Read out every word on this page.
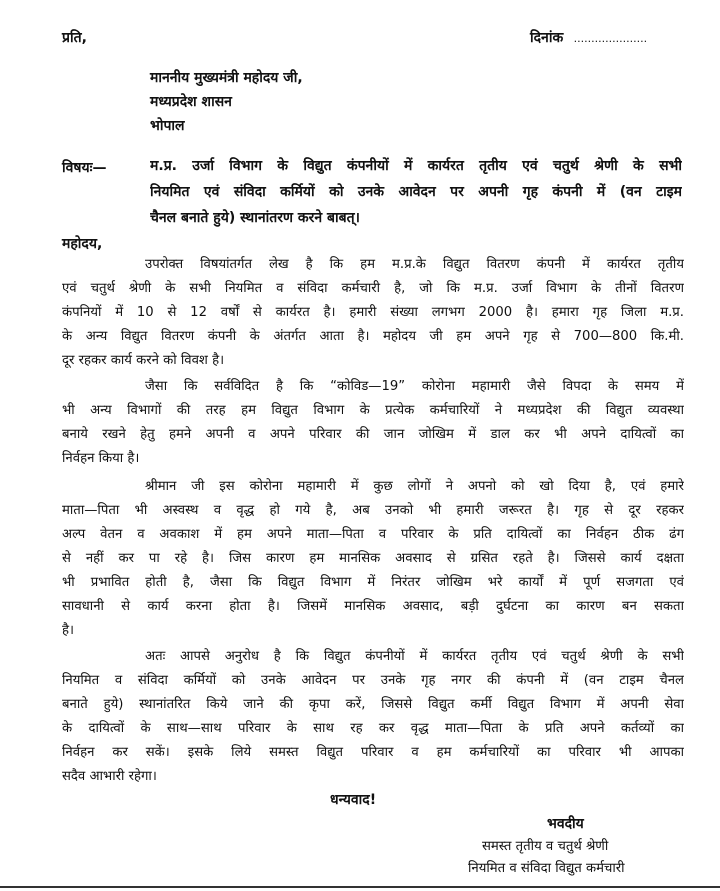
प्रति,	दिनांक .....................
माननीय मुख्यमंत्री महोदय जी,
मध्यप्रदेश शासन
भोपाल
विषयः—	म.प्र. उर्जा विभाग के विद्युत कंपनीयों में कार्यरत तृतीय एवं चतुर्थ श्रेणी के सभी
नियमित एवं संविदा कर्मियों को उनके आवेदन पर अपनी गृह कंपनी में (वन टाइम
चैनल बनाते हुये) स्थानांतरण करने बाबत्।
महोदय,
उपरोक्त विषयांतर्गत लेख है कि हम म.प्र.के विद्युत वितरण कंपनी में कार्यरत तृतीय
एवं चतुर्थ श्रेणी के सभी नियमित व संविदा कर्मचारी है, जो कि म.प्र. उर्जा विभाग के तीनों वितरण
कंपनियों में 10 से 12 वर्षों से कार्यरत है। हमारी संख्या लगभग 2000 है। हमारा गृह जिला म.प्र.
के अन्य विद्युत वितरण कंपनी के अंतर्गत आता है। महोदय जी हम अपने गृह से 700—800 कि.मी.
दूर रहकर कार्य करने को विवश है।
जैसा कि सर्वविदित है कि “कोविड—19” कोरोना महामारी जैसे विपदा के समय में
भी अन्य विभागों की तरह हम विद्युत विभाग के प्रत्येक कर्मचारियों ने मध्यप्रदेश की विद्युत व्यवस्था
बनाये रखने हेतु हमने अपनी व अपने परिवार की जान जोखिम में डाल कर भी अपने दायित्वों का
निर्वहन किया है।
श्रीमान जी इस कोरोना महामारी में कुछ लोगों ने अपनो को खो दिया है, एवं हमारे
माता—पिता भी अस्वस्थ व वृद्ध हो गये है, अब उनको भी हमारी जरूरत है। गृह से दूर रहकर
अल्प वेतन व अवकाश में हम अपने माता—पिता व परिवार के प्रति दायित्वों का निर्वहन ठीक ढंग
से नहीं कर पा रहे है। जिस कारण हम मानसिक अवसाद से ग्रसित रहते है। जिससे कार्य दक्षता
भी प्रभावित होती है, जैसा कि विद्युत विभाग में निरंतर जोखिम भरे कार्यों में पूर्ण सजगता एवं
सावधानी से कार्य करना होता है। जिसमें मानसिक अवसाद, बड़ी दुर्घटना का कारण बन सकता
है।
अतः आपसे अनुरोध है कि विद्युत कंपनीयों में कार्यरत तृतीय एवं चतुर्थ श्रेणी के सभी
नियमित व संविदा कर्मियों को उनके आवेदन पर उनके गृह नगर की कंपनी में (वन टाइम चैनल
बनाते हुये) स्थानांतरित किये जाने की कृपा करें, जिससे विद्युत कर्मी विद्युत विभाग में अपनी सेवा
के दायित्वों के साथ—साथ परिवार के साथ रह कर वृद्ध माता—पिता के प्रति अपने कर्तव्यों का
निर्वहन कर सकें। इसके लिये समस्त विद्युत परिवार व हम कर्मचारियों का परिवार भी आपका
सदैव आभारी रहेगा।
धन्यवाद!
भवदीय
समस्त तृतीय व चतुर्थ श्रेणी
नियमित व संविदा विद्युत कर्मचारी
